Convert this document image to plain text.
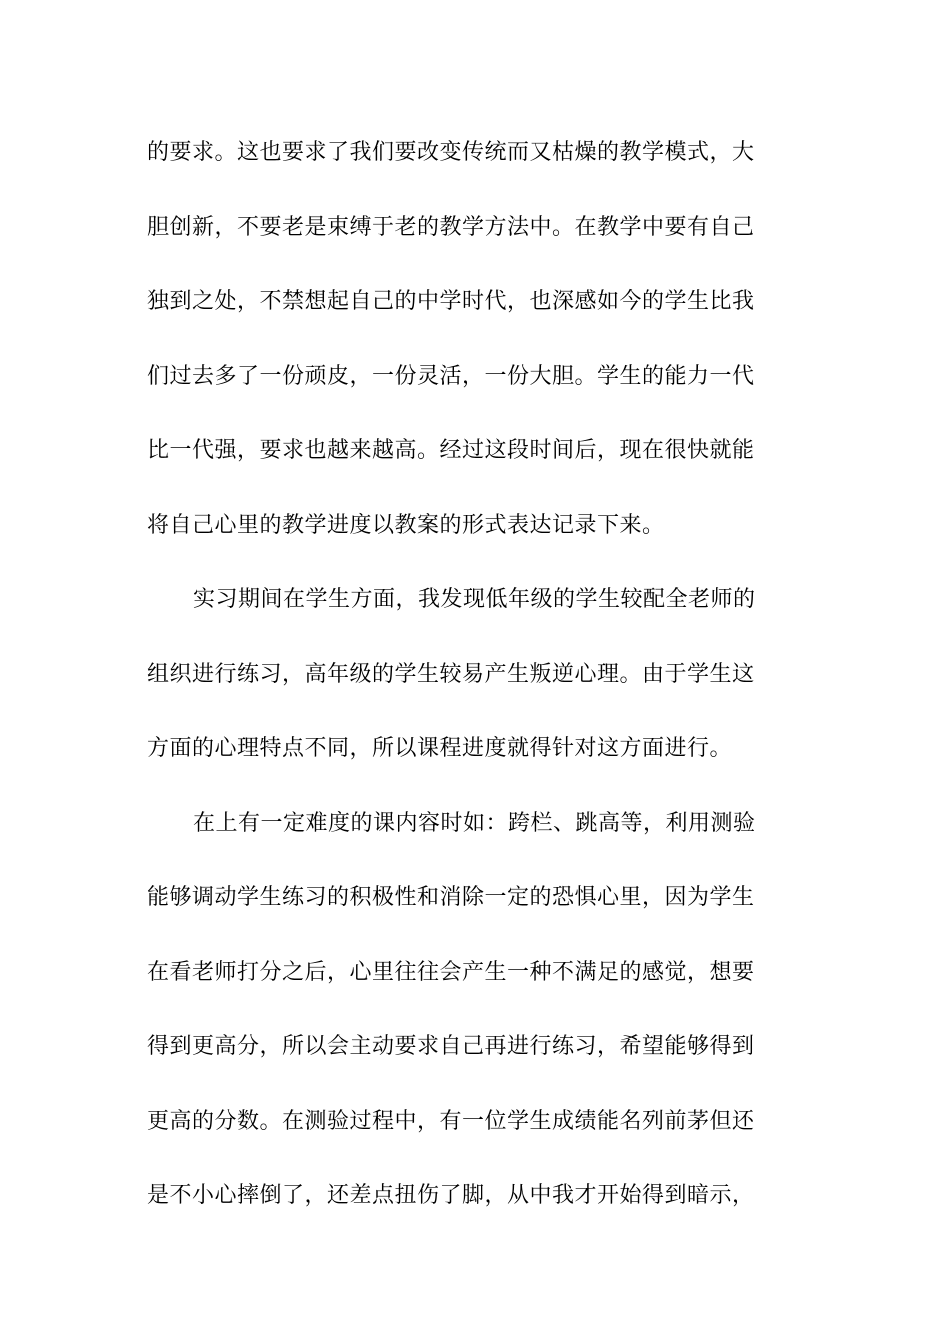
的要求。这也要求了我们要改变传统而又枯燥的教学模式，大
胆创新，不要老是束缚于老的教学方法中。在教学中要有自己
独到之处，不禁想起自己的中学时代，也深感如今的学生比我
们过去多了一份顽皮，一份灵活，一份大胆。学生的能力一代
比一代强，要求也越来越高。经过这段时间后，现在很快就能
将自己心里的教学进度以教案的形式表达记录下来。
实习期间在学生方面，我发现低年级的学生较配全老师的
组织进行练习，高年级的学生较易产生叛逆心理。由于学生这
方面的心理特点不同，所以课程进度就得针对这方面进行。
在上有一定难度的课内容时如：跨栏、跳高等，利用测验
能够调动学生练习的积极性和消除一定的恐惧心里，因为学生
在看老师打分之后，心里往往会产生一种不满足的感觉，想要
得到更高分，所以会主动要求自己再进行练习，希望能够得到
更高的分数。在测验过程中，有一位学生成绩能名列前茅但还
是不小心摔倒了，还差点扭伤了脚，从中我才开始得到暗示，
